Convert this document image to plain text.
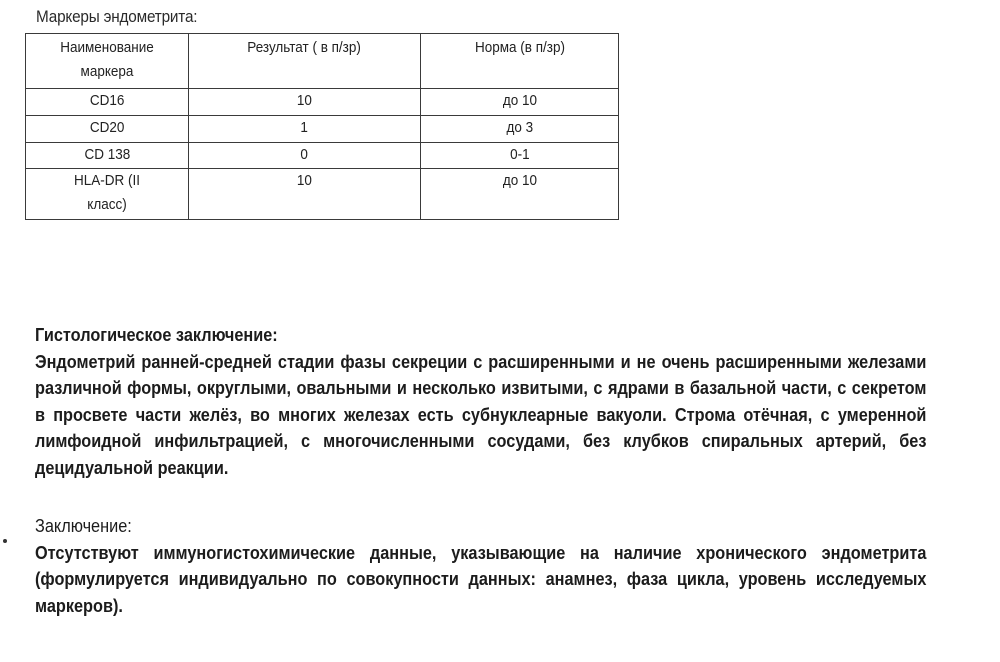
Маркеры эндометрита:
Наименование маркера	Результат ( в п/зр)	Норма (в п/зр)
CD16	10	до 10
CD20	1	до 3
CD 138	0	0-1
HLA-DR (II класс)	10	до 10
Гистологическое заключение:
Эндометрий ранней-средней стадии фазы секреции с расширенными и не очень расширенными железами различной формы, округлыми, овальными и несколько извитыми, с ядрами в базальной части, с секретом в просвете части желёз, во многих железах есть субнуклеарные вакуоли. Строма отёчная, с умеренной лимфоидной инфильтрацией, с многочисленными сосудами, без клубков спиральных артерий, без децидуальной реакции.
Заключение:
Отсутствуют иммуногистохимические данные, указывающие на наличие хронического эндометрита (формулируется индивидуально по совокупности данных: анамнез, фаза цикла, уровень исследуемых маркеров).
